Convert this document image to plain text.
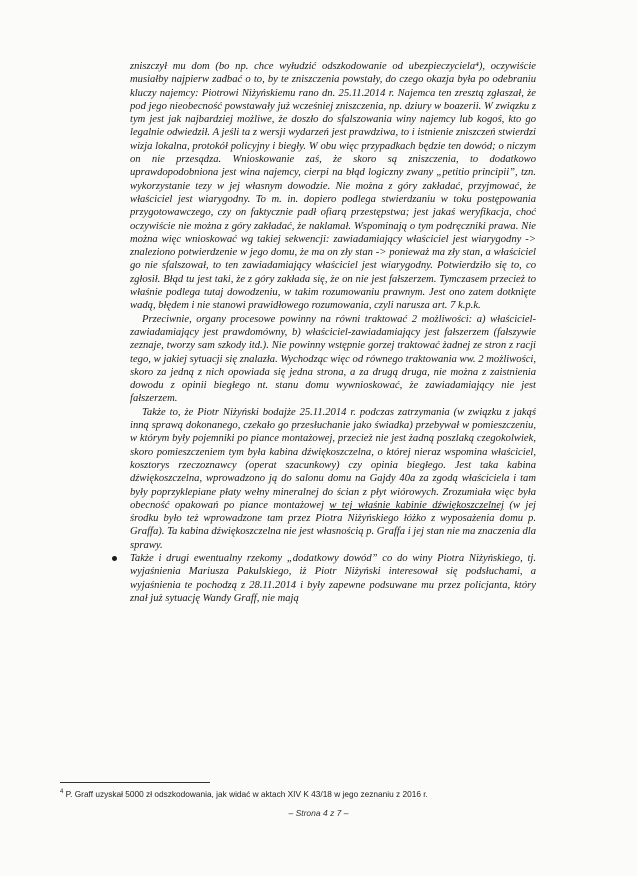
zniszczył mu dom (bo np. chce wyłudzić odszkodowanie od ubezpieczyciela⁴), oczywiście musiałby najpierw zadbać o to, by te zniszczenia powstały, do czego okazja była po odebraniu kluczy najemcy: Piotrowi Niżyńskiemu rano dn. 25.11.2014 r. Najemca ten zresztą zgłaszał, że pod jego nieobecność powstawały już wcześniej zniszczenia, np. dziury w boazerii. W związku z tym jest jak najbardziej możliwe, że doszło do sfalszowania winy najemcy lub kogoś, kto go legalnie odwiedził. A jeśli ta z wersji wydarzeń jest prawdziwa, to i istnienie zniszczeń stwierdzi wizja lokalna, protokół policyjny i biegły. W obu więc przypadkach będzie ten dowód; o niczym on nie przesądza. Wnioskowanie zaś, że skoro są zniszczenia, to dodatkowo uprawdopodobniona jest wina najemcy, cierpi na błąd logiczny zwany „petitio principii”, tzn. wykorzystanie tezy w jej własnym dowodzie. Nie można z góry zakładać, przyjmować, że właściciel jest wiarygodny. To m. in. dopiero podlega stwierdzaniu w toku postępowania przygotowawczego, czy on faktycznie padł ofiarą przestępstwa; jest jakaś weryfikacja, choć oczywiście nie można z góry zakładać, że naklamał. Wspominają o tym podręczniki prawa. Nie można więc wnioskować wg takiej sekwencji: zawiadamiający właściciel jest wiarygodny -> znaleziono potwierdzenie w jego domu, że ma on zły stan -> ponieważ ma zły stan, a właściciel go nie sfalszował, to ten zawiadamiający właściciel jest wiarygodny. Potwierdziło się to, co zgłosił. Błąd tu jest taki, że z góry zakłada się, że on nie jest fałszerzem. Tymczasem przecież to właśnie podlega tutaj dowodzeniu, w takim rozumowaniu prawnym. Jest ono zatem dotknięte wadą, błędem i nie stanowi prawidłowego rozumowania, czyli narusza art. 7 k.p.k.

Przeciwnie, organy procesowe powinny na równi traktować 2 możliwości: a) właściciel-zawiadamiający jest prawdomówny, b) właściciel-zawiadamiający jest fałszerzem (fałszywie zeznaje, tworzy sam szkody itd.). Nie powinny wstępnie gorzej traktować żadnej ze stron z racji tego, w jakiej sytuacji się znalazła. Wychodząc więc od równego traktowania ww. 2 możliwości, skoro za jedną z nich opowiada się jedna strona, a za drugą druga, nie można z zaistnienia dowodu z opinii biegłego nt. stanu domu wywnioskować, że zawiadamiający nie jest fałszerzem.

Także to, że Piotr Niżyński bodajże 25.11.2014 r. podczas zatrzymania (w związku z jakąś inną sprawą dokonanego, czekało go przesłuchanie jako świadka) przebywał w pomieszczeniu, w którym były pojemniki po piance montażowej, przecież nie jest żadną poszlaką czegokolwiek, skoro pomieszczeniem tym była kabina dźwiękoszczelna, o której nieraz wspomina właściciel, kosztorys rzeczoznawcy (operat szacunkowy) czy opinia biegłego. Jest taka kabina dźwiękoszczelna, wprowadzono ją do salonu domu na Gajdy 40a za zgodą właściciela i tam były poprzyklepiane płaty wełny mineralnej do ścian z płyt wiórowych. Zrozumiała więc była obecność opakowań po piance montażowej w tej właśnie kabinie dźwiękoszczelnej (w jej środku było też wprowadzone tam przez Piotra Niżyńskiego łóżko z wyposażenia domu p. Graffa). Ta kabina dźwiękoszczelna nie jest własnością p. Graffa i jej stan nie ma znaczenia dla sprawy.

Także i drugi ewentualny rzekomy „dodatkowy dowód” co do winy Piotra Niżyńskiego, tj. wyjaśnienia Mariusza Pakulskiego, iż Piotr Niżyński interesował się podsłuchami, a wyjaśnienia te pochodzą z 28.11.2014 i były zapewne podsuwane mu przez policjanta, który znał już sytuację Wandy Graff, nie mają

$^4$ P. Graff uzyskał 5000 zł odszkodowania, jak widać w aktach XIV K 43/18 w jego zeznaniu z 2016 r.
– Strona 4 z 7 –
